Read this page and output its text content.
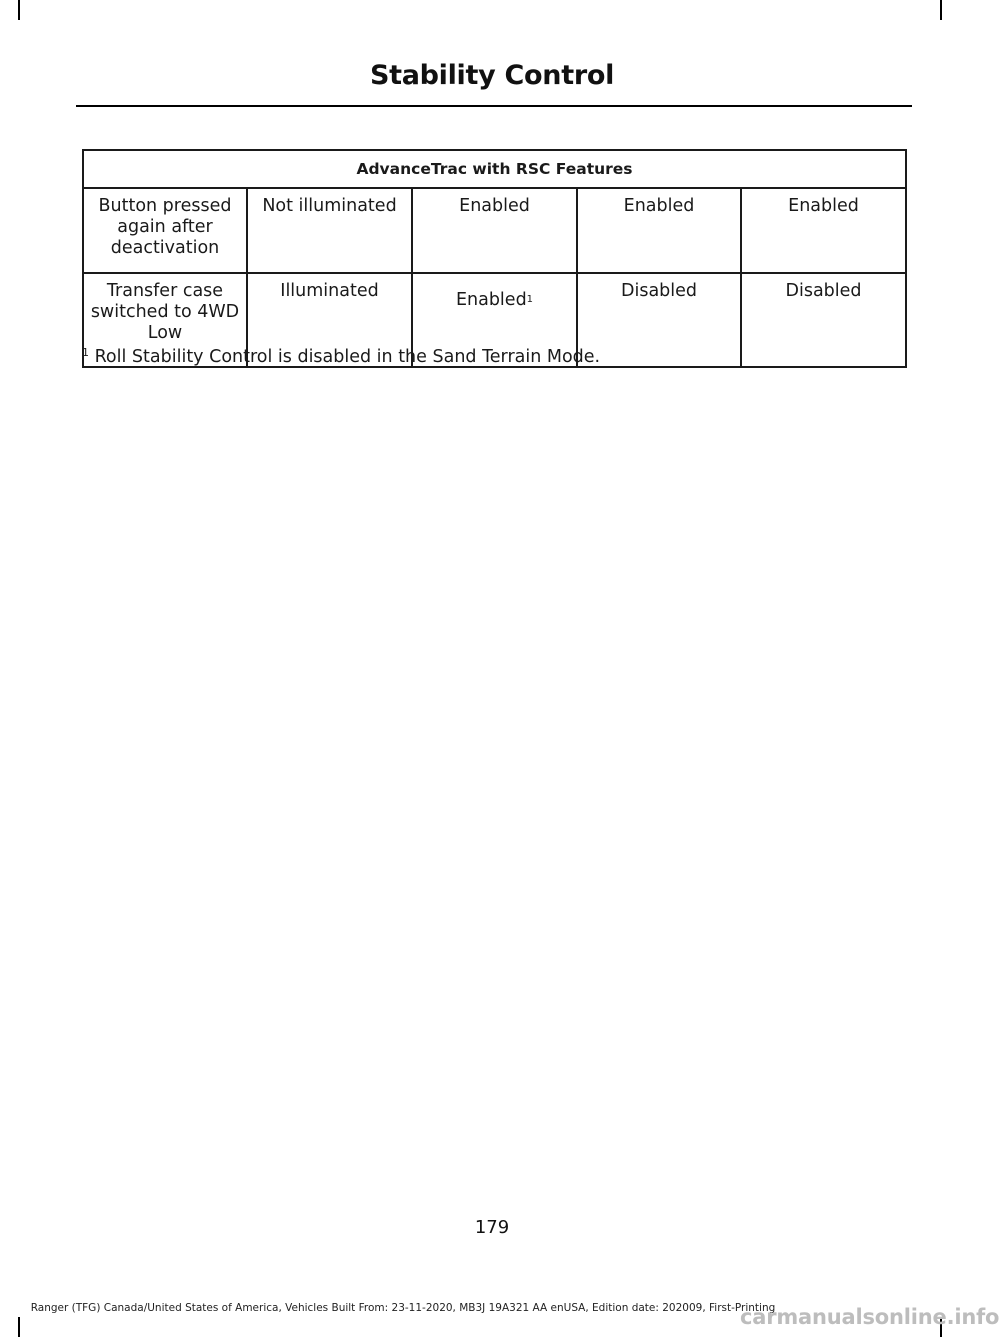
Stability Control
AdvanceTrac with RSC Features				
Button pressed again after deactivation	Not illuminated	Enabled	Enabled	Enabled
Transfer case switched to 4WD Low	Illuminated	Enabled$^1$	Disabled	Disabled
$^1$ Roll Stability Control is disabled in the Sand Terrain Mode.
179
Ranger (TFG) Canada/United States of America, Vehicles Built From: 23-11-2020, MB3J 19A321 AA enUSA, Edition date: 202009, First-Printing
carmanualsonline.info
